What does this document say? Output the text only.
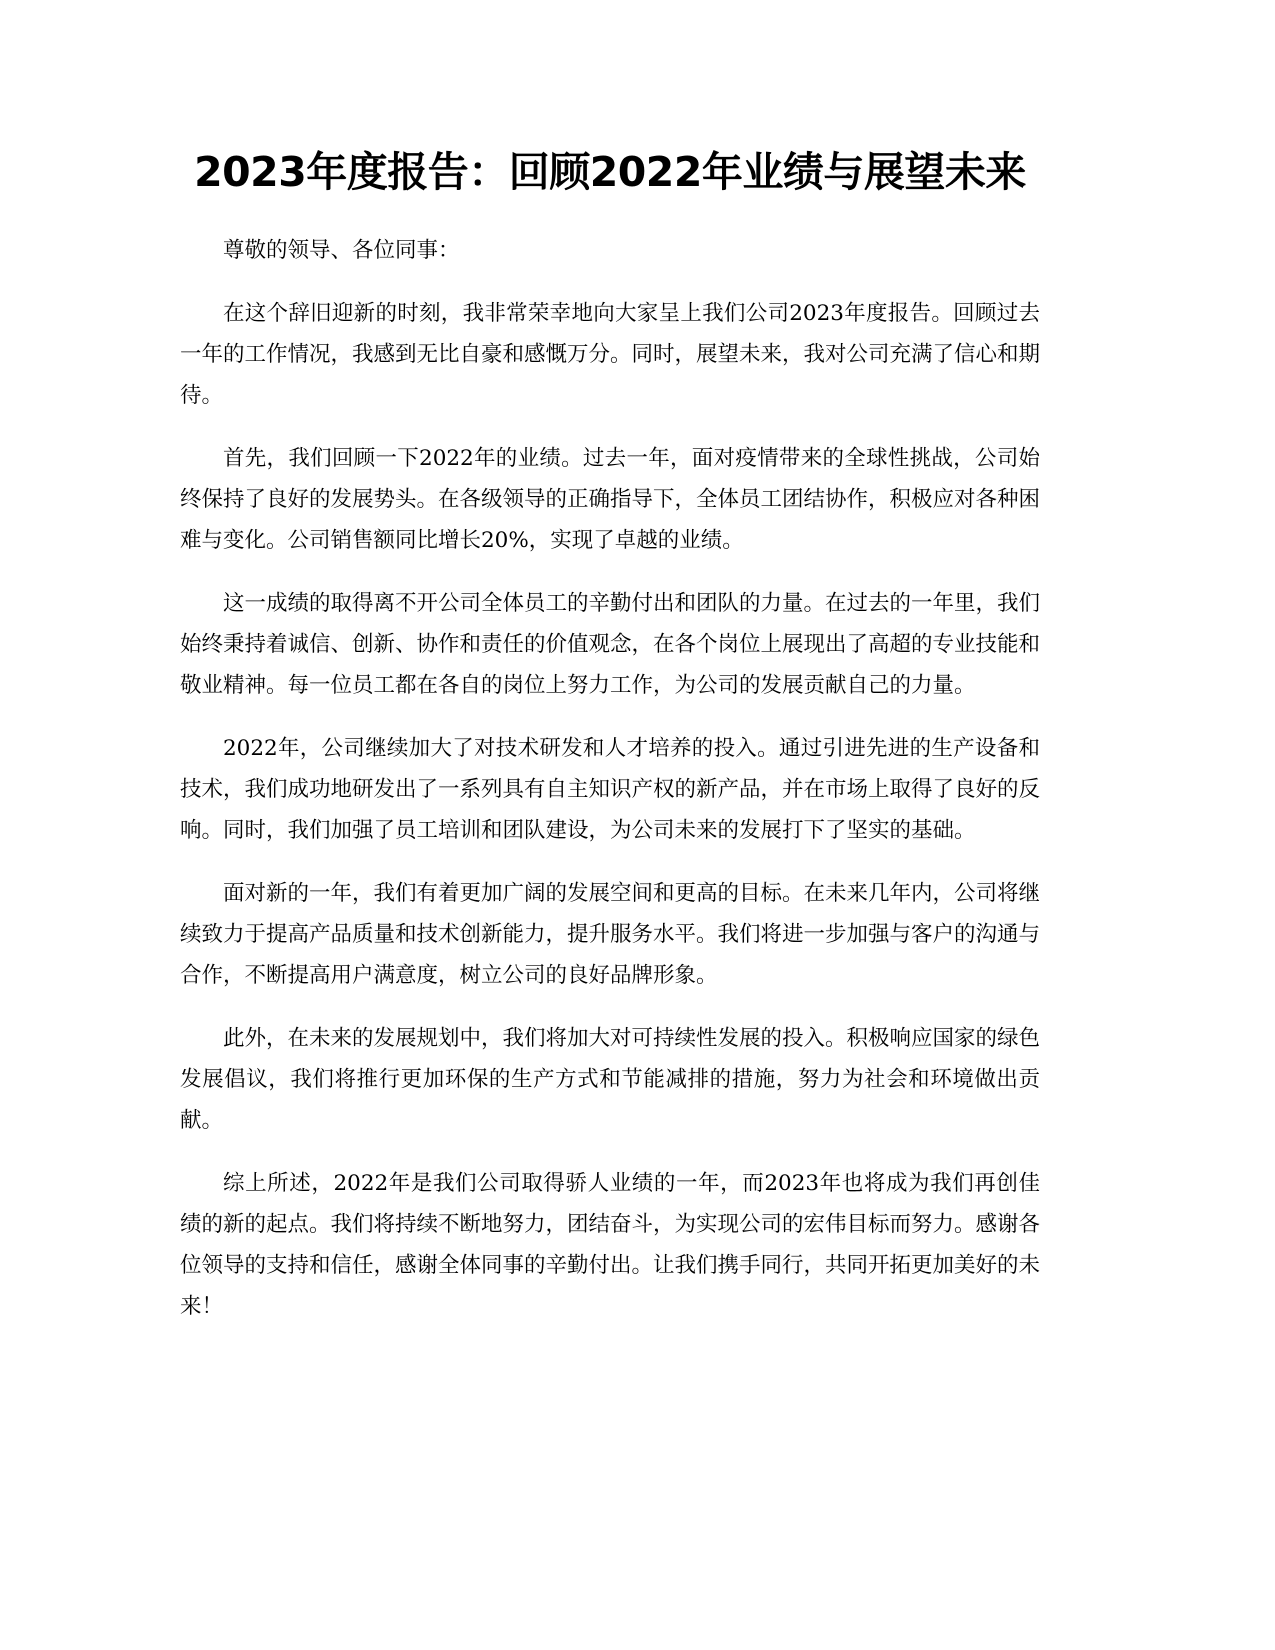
2023年度报告：回顾2022年业绩与展望未来

尊敬的领导、各位同事：

在这个辞旧迎新的时刻，我非常荣幸地向大家呈上我们公司2023年度报告。回顾过去一年的工作情况，我感到无比自豪和感慨万分。同时，展望未来，我对公司充满了信心和期待。

首先，我们回顾一下2022年的业绩。过去一年，面对疫情带来的全球性挑战，公司始终保持了良好的发展势头。在各级领导的正确指导下，全体员工团结协作，积极应对各种困难与变化。公司销售额同比增长20%，实现了卓越的业绩。

这一成绩的取得离不开公司全体员工的辛勤付出和团队的力量。在过去的一年里，我们始终秉持着诚信、创新、协作和责任的价值观念，在各个岗位上展现出了高超的专业技能和敬业精神。每一位员工都在各自的岗位上努力工作，为公司的发展贡献自己的力量。

2022年，公司继续加大了对技术研发和人才培养的投入。通过引进先进的生产设备和技术，我们成功地研发出了一系列具有自主知识产权的新产品，并在市场上取得了良好的反响。同时，我们加强了员工培训和团队建设，为公司未来的发展打下了坚实的基础。

面对新的一年，我们有着更加广阔的发展空间和更高的目标。在未来几年内，公司将继续致力于提高产品质量和技术创新能力，提升服务水平。我们将进一步加强与客户的沟通与合作，不断提高用户满意度，树立公司的良好品牌形象。

此外，在未来的发展规划中，我们将加大对可持续性发展的投入。积极响应国家的绿色发展倡议，我们将推行更加环保的生产方式和节能减排的措施，努力为社会和环境做出贡献。

综上所述，2022年是我们公司取得骄人业绩的一年，而2023年也将成为我们再创佳绩的新的起点。我们将持续不断地努力，团结奋斗，为实现公司的宏伟目标而努力。感谢各位领导的支持和信任，感谢全体同事的辛勤付出。让我们携手同行，共同开拓更加美好的未来！
